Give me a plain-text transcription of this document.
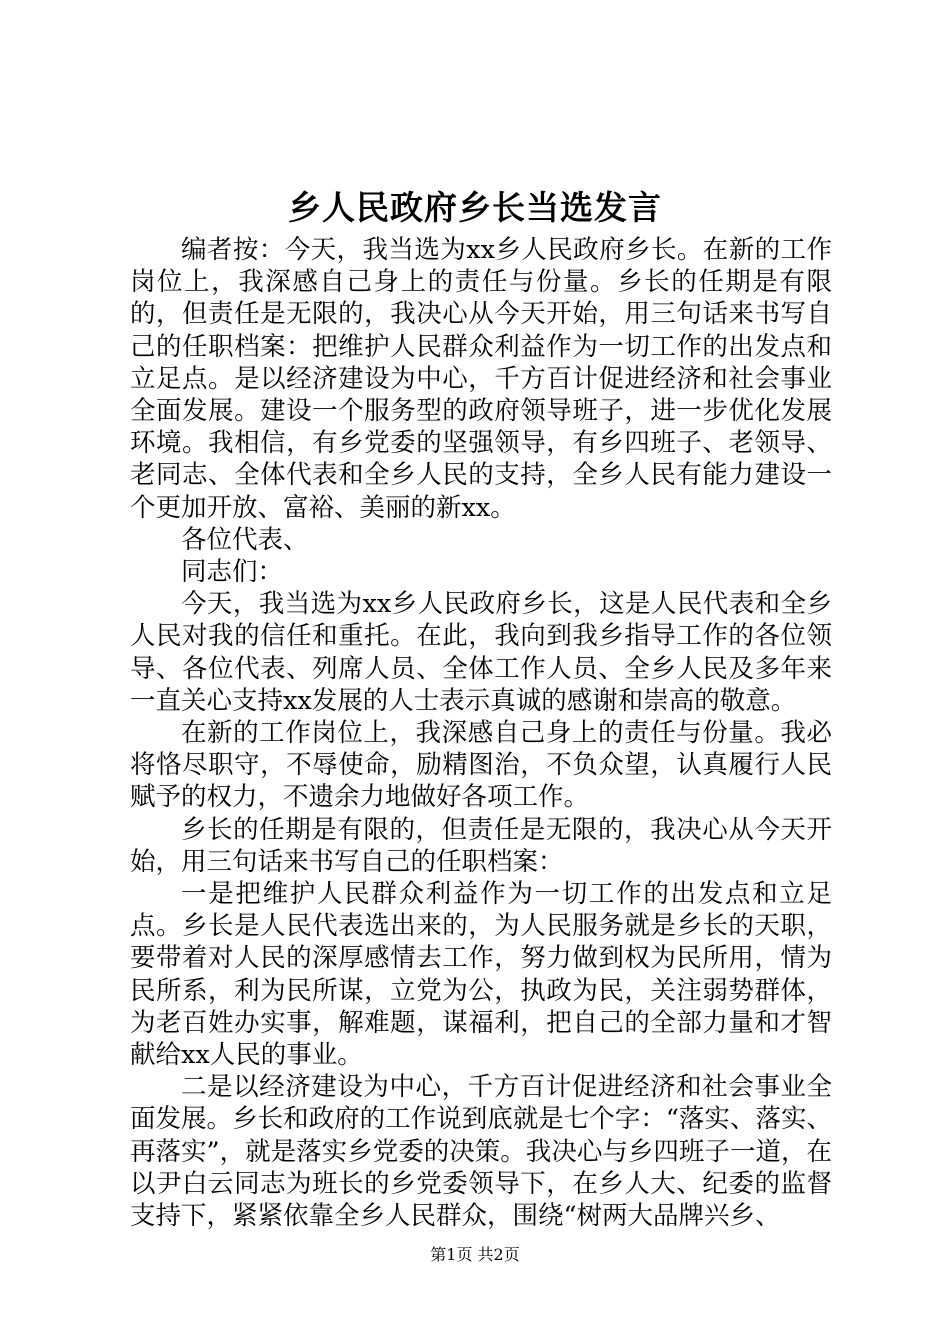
乡人民政府乡长当选发言

编者按：今天，我当选为xx乡人民政府乡长。在新的工作岗位上，我深感自己身上的责任与份量。乡长的任期是有限的，但责任是无限的，我决心从今天开始，用三句话来书写自己的任职档案：把维护人民群众利益作为一切工作的出发点和立足点。是以经济建设为中心，千方百计促进经济和社会事业全面发展。建设一个服务型的政府领导班子，进一步优化发展环境。我相信，有乡党委的坚强领导，有乡四班子、老领导、老同志、全体代表和全乡人民的支持，全乡人民有能力建设一个更加开放、富裕、美丽的新xx。

各位代表、

同志们：

今天，我当选为xx乡人民政府乡长，这是人民代表和全乡人民对我的信任和重托。在此，我向到我乡指导工作的各位领导、各位代表、列席人员、全体工作人员、全乡人民及多年来一直关心支持xx发展的人士表示真诚的感谢和崇高的敬意。

在新的工作岗位上，我深感自己身上的责任与份量。我必将恪尽职守，不辱使命，励精图治，不负众望，认真履行人民赋予的权力，不遗余力地做好各项工作。

乡长的任期是有限的，但责任是无限的，我决心从今天开始，用三句话来书写自己的任职档案：

一是把维护人民群众利益作为一切工作的出发点和立足点。乡长是人民代表选出来的，为人民服务就是乡长的天职，要带着对人民的深厚感情去工作，努力做到权为民所用，情为民所系，利为民所谋，立党为公，执政为民，关注弱势群体，为老百姓办实事，解难题，谋福利，把自己的全部力量和才智献给xx人民的事业。

二是以经济建设为中心，千方百计促进经济和社会事业全面发展。乡长和政府的工作说到底就是七个字：“落实、落实、再落实”，就是落实乡党委的决策。我决心与乡四班子一道，在以尹白云同志为班长的乡党委领导下，在乡人大、纪委的监督支持下，紧紧依靠全乡人民群众，围绕“树两大品牌兴乡、

第1页 共2页
